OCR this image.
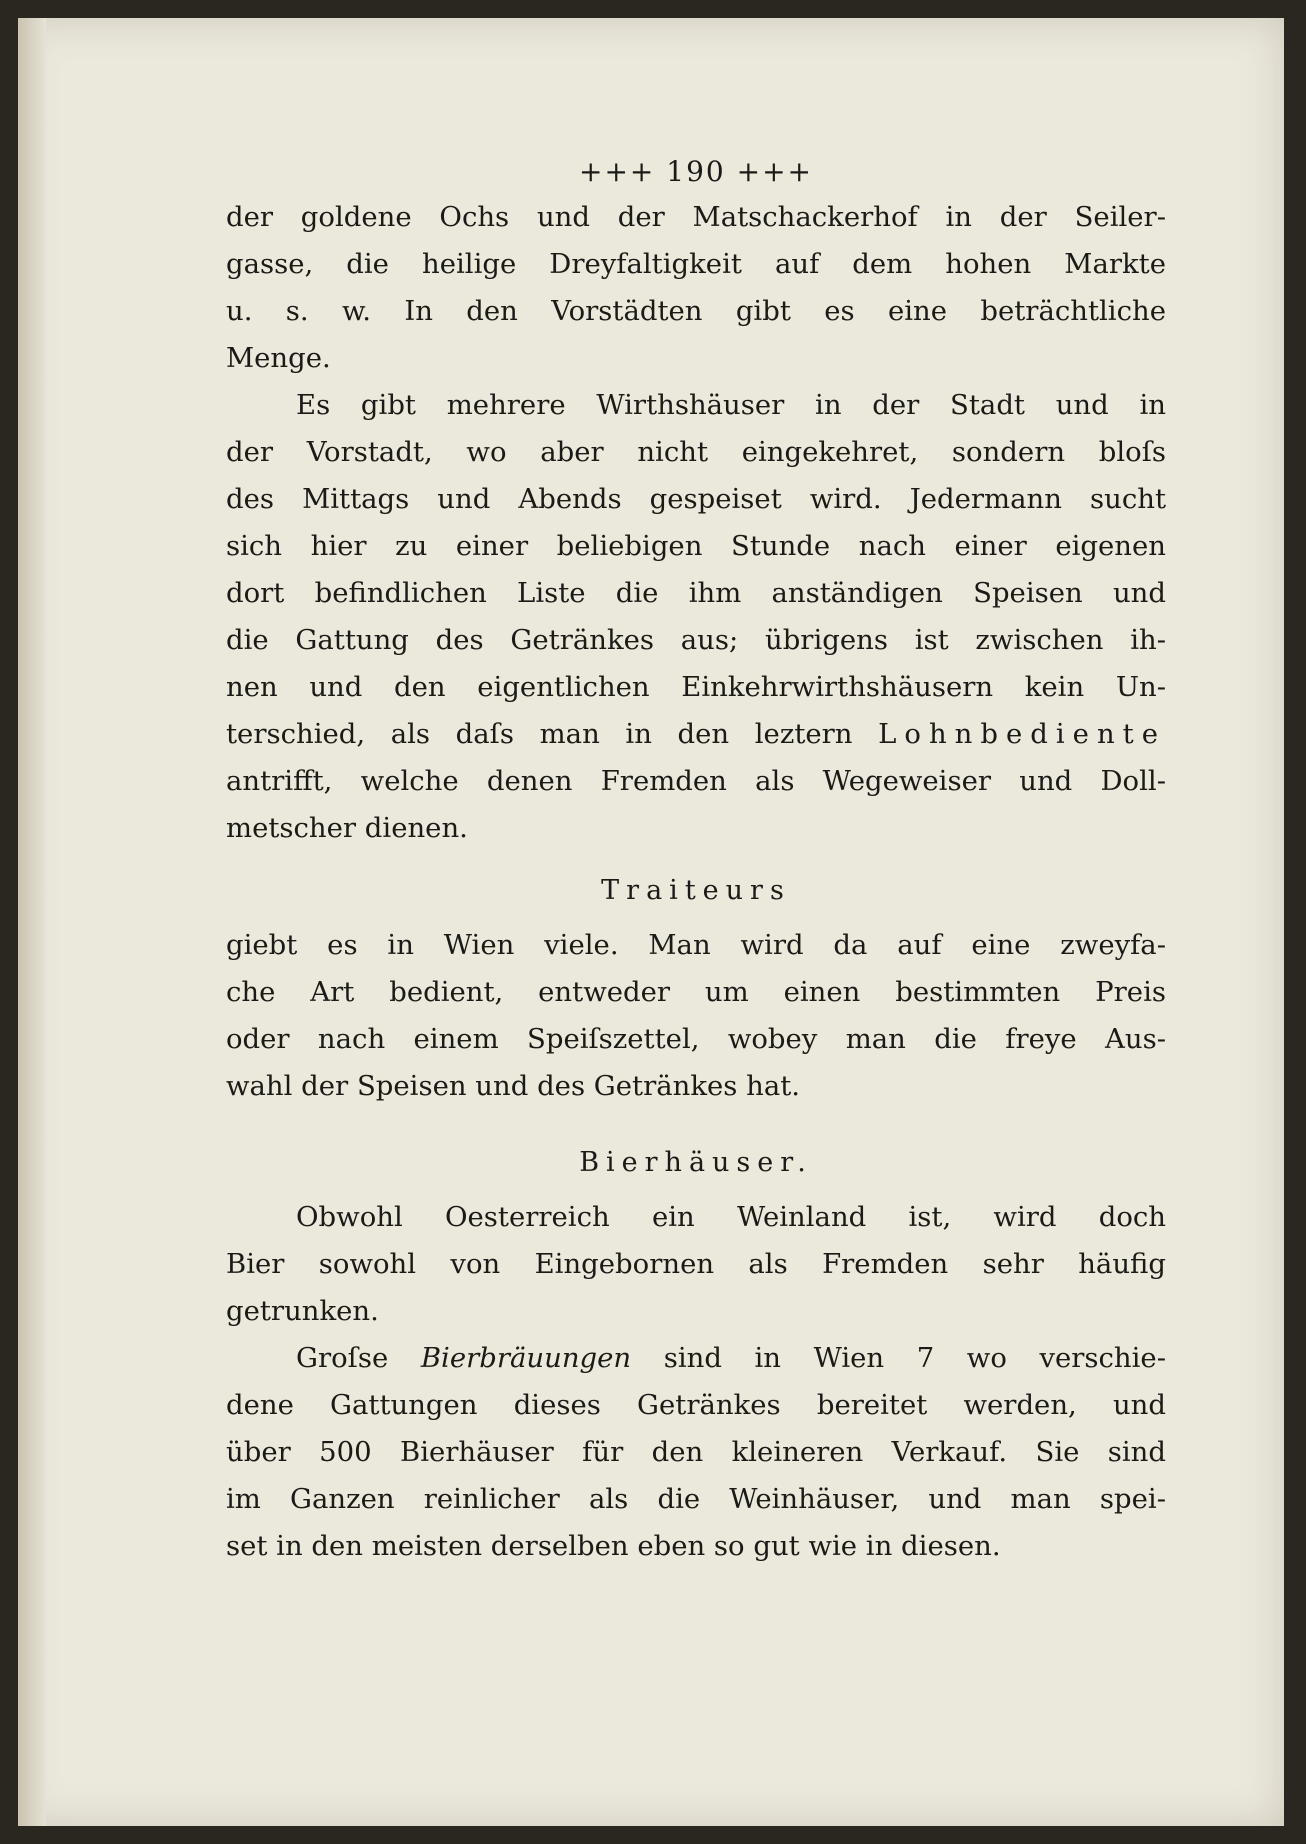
+++ 190 +++
der goldene Ochs und der Matschackerhof in der Seiler-
gasse, die heilige Dreyfaltigkeit auf dem hohen Markte
u. s. w. In den Vorstädten gibt es eine beträchtliche
Menge.
Es gibt mehrere Wirthshäuser in der Stadt und in
der Vorstadt, wo aber nicht eingekehret, sondern bloſs
des Mittags und Abends gespeiset wird. Jedermann sucht
sich hier zu einer beliebigen Stunde nach einer eigenen
dort befindlichen Liste die ihm anständigen Speisen und
die Gattung des Getränkes aus; übrigens ist zwischen ih-
nen und den eigentlichen Einkehrwirthshäusern kein Un-
terschied, als daſs man in den leztern Lohnbediente
antrifft, welche denen Fremden als Wegeweiser und Doll-
metscher dienen.
Traiteurs
giebt es in Wien viele. Man wird da auf eine zweyfa-
che Art bedient, entweder um einen bestimmten Preis
oder nach einem Speiſszettel, wobey man die freye Aus-
wahl der Speisen und des Getränkes hat.
Bierhäuser.
Obwohl Oesterreich ein Weinland ist, wird doch
Bier sowohl von Eingebornen als Fremden sehr häufig
getrunken.
Groſse Bierbräuungen sind in Wien 7 wo verschie-
dene Gattungen dieses Getränkes bereitet werden, und
über 500 Bierhäuser für den kleineren Verkauf. Sie sind
im Ganzen reinlicher als die Weinhäuser, und man spei-
set in den meisten derselben eben so gut wie in diesen.
